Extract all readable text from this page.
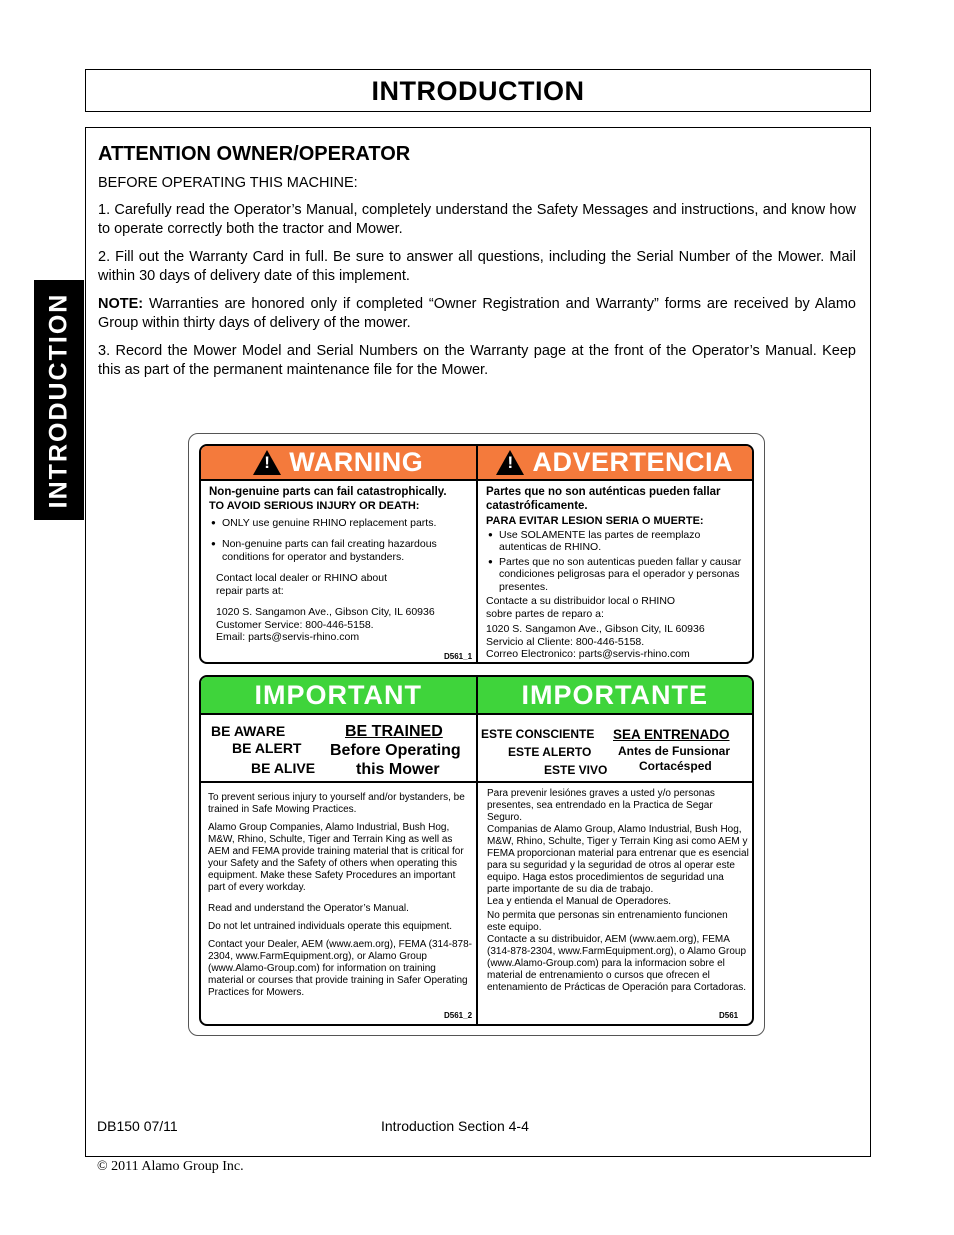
INTRODUCTION
INTRODUCTION
ATTENTION OWNER/OPERATOR
BEFORE OPERATING THIS MACHINE:
1. Carefully read the Operator’s Manual, completely understand the Safety Messages and instructions, and know how to operate correctly both the tractor and Mower.
2. Fill out the Warranty Card in full. Be sure to answer all questions, including the Serial Number of the Mower. Mail within 30 days of delivery date of this implement.
NOTE: Warranties are honored only if completed “Owner Registration and Warranty” forms are received by Alamo Group within thirty days of delivery of the mower.
3. Record the Mower Model and Serial Numbers on the Warranty page at the front of the Operator’s Manual. Keep this as part of the permanent maintenance file for the Mower.
!
WARNING
!	ADVERTENCIA
Non-genuine parts can fail catastrophically.
TO AVOID SERIOUS INJURY OR DEATH:
● ONLY use genuine RHINO replacement parts.
● Non-genuine parts can fail creating hazardous conditions for operator and bystanders.
Contact local dealer or RHINO about repair parts at:
1020 S. Sangamon Ave., Gibson City, IL 60936
Customer Service: 800-446-5158.
Email: parts@servis-rhino.com
D561_1
Partes que no son auténticas pueden fallar catastróficamente.
PARA EVITAR LESION SERIA O MUERTE:
● Use SOLAMENTE las partes de reemplazo autenticas de RHINO.
● Partes que no son autenticas pueden fallar y causar condiciones peligrosas para el operador y personas presentes.
Contacte a su distribuidor local o RHINO sobre partes de reparo a:
1020 S. Sangamon Ave., Gibson City, IL 60936
Servicio al Cliente: 800-446-5158.
Correo Electronico: parts@servis-rhino.com
IMPORTANT	IMPORTANTE
BE AWARE
BE ALERT
BE ALIVE
BE TRAINED
Before Operating
this Mower
ESTE CONSCIENTE
ESTE ALERTO
ESTE VIVO
SEA ENTRENADO
Antes de Funsionar
Cortacésped
To prevent serious injury to yourself and/or bystanders, be trained in Safe Mowing Practices.
Alamo Group Companies, Alamo Industrial, Bush Hog, M&W, Rhino, Schulte, Tiger and Terrain King as well as AEM and FEMA provide training material that is critical for your Safety and the Safety of others when operating this equipment. Make these Safety Procedures an important part of every workday.
Read and understand the Operator’s Manual.
Do not let untrained individuals operate this equipment.
Contact your Dealer, AEM (www.aem.org), FEMA (314-878-2304, www.FarmEquipment.org), or Alamo Group (www.Alamo-Group.com) for information on training material or courses that provide training in Safer Operating Practices for Mowers.
D561_2
Para prevenir lesiónes graves a usted y/o personas presentes, sea entrendado en la Practica de Segar Seguro.
Companias de Alamo Group, Alamo Industrial, Bush Hog, M&W, Rhino, Schulte, Tiger y Terrain King asi como AEM y FEMA proporcionan material para entrenar que es esencial para su seguridad y la seguridad de otros al operar este equipo. Haga estos procedimientos de seguridad una parte importante de su dia de trabajo.
Lea y entienda el Manual de Operadores.
No permita que personas sin entrenamiento funcionen este equipo.
Contacte a su distribuidor, AEM (www.aem.org), FEMA (314-878-2304, www.FarmEquipment.org), o Alamo Group (www.Alamo-Group.com) para la informacion sobre el material de entrenamiento o cursos que ofrecen el entenamiento de Prácticas de Operación para Cortadoras.
D561
DB150 07/11	Introduction Section 4-4
© 2011 Alamo Group Inc.
